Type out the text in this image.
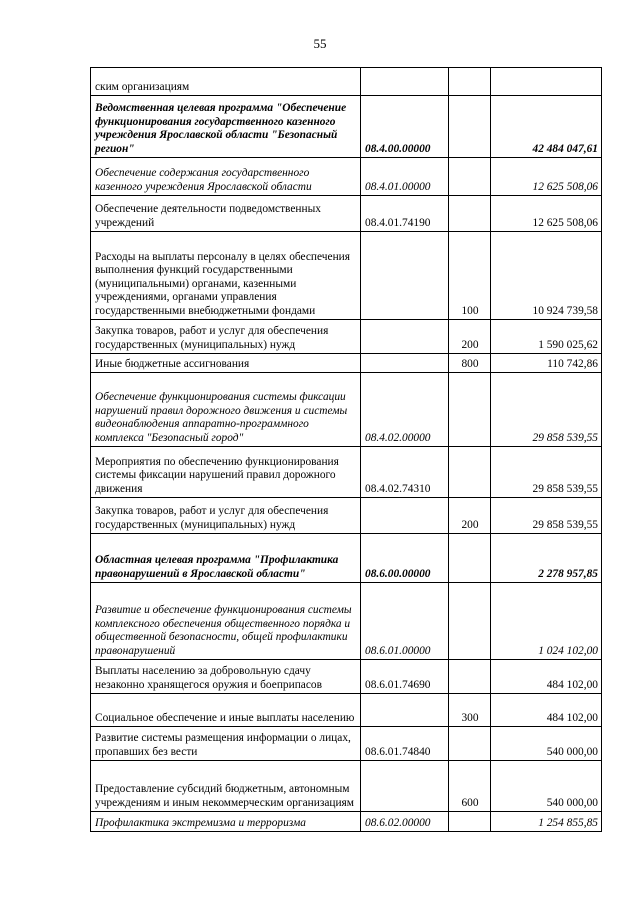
55
ским организациям			
Ведомственная целевая программа "Обеспечение функционирования государственного казенного учреждения Ярославской области "Безопасный регион"	08.4.00.00000		42 484 047,61
Обеспечение содержания государственного казенного учреждения Ярославской области	08.4.01.00000		12 625 508,06
Обеспечение деятельности подведомственных учреждений	08.4.01.74190		12 625 508,06
Расходы на выплаты персоналу в целях обеспечения выполнения функций государственными (муниципальными) органами, казенными учреждениями, органами управления государственными внебюджетными фондами		100	10 924 739,58
Закупка товаров, работ и услуг для обеспечения государственных (муниципальных) нужд		200	1 590 025,62
Иные бюджетные ассигнования		800	110 742,86
Обеспечение функционирования системы фиксации нарушений правил дорожного движения и системы видеонаблюдения аппаратно-программного комплекса "Безопасный город"	08.4.02.00000		29 858 539,55
Мероприятия по обеспечению функционирования системы фиксации нарушений правил дорожного движения	08.4.02.74310		29 858 539,55
Закупка товаров, работ и услуг для обеспечения государственных (муниципальных) нужд		200	29 858 539,55
Областная целевая программа "Профилактика правонарушений в Ярославской области"	08.6.00.00000		2 278 957,85
Развитие и обеспечение функционирования системы комплексного обеспечения общественного порядка и общественной безопасности, общей профилактики правонарушений	08.6.01.00000		1 024 102,00
Выплаты населению за добровольную сдачу незаконно хранящегося оружия и боеприпасов	08.6.01.74690		484 102,00
Социальное обеспечение и иные выплаты населению		300	484 102,00
Развитие системы размещения информации о лицах, пропавших без вести	08.6.01.74840		540 000,00
Предоставление субсидий бюджетным, автономным учреждениям и иным некоммерческим организациям		600	540 000,00
Профилактика экстремизма и терроризма	08.6.02.00000		1 254 855,85
